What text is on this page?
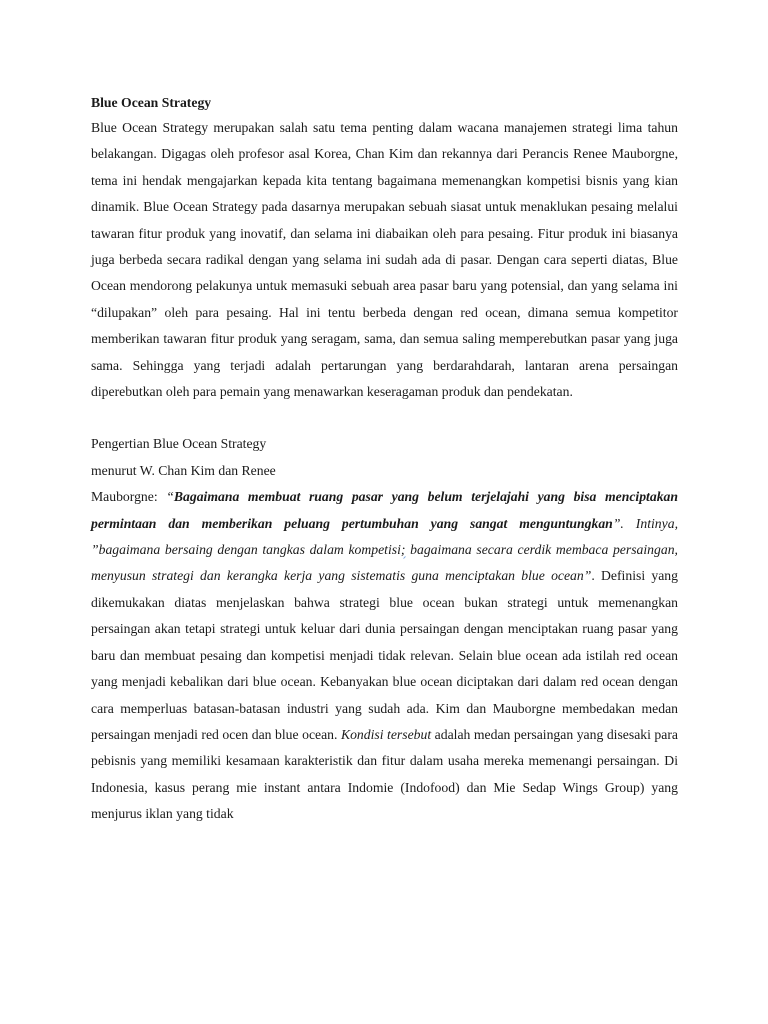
Blue Ocean Strategy

Blue Ocean Strategy merupakan salah satu tema penting dalam wacana manajemen strategi lima tahun belakangan. Digagas oleh profesor asal Korea, Chan Kim dan rekannya dari Perancis Renee Mauborgne, tema ini hendak mengajarkan kepada kita tentang bagaimana memenangkan kompetisi bisnis yang kian dinamik. Blue Ocean Strategy pada dasarnya merupakan sebuah siasat untuk menaklukan pesaing melalui tawaran fitur produk yang inovatif, dan selama ini diabaikan oleh para pesaing. Fitur produk ini biasanya juga berbeda secara radikal dengan yang selama ini sudah ada di pasar. Dengan cara seperti diatas, Blue Ocean mendorong pelakunya untuk memasuki sebuah area pasar baru yang potensial, dan yang selama ini “dilupakan” oleh para pesaing. Hal ini tentu berbeda dengan red ocean, dimana semua kompetitor memberikan tawaran fitur produk yang seragam, sama, dan semua saling memperebutkan pasar yang juga sama. Sehingga yang terjadi adalah pertarungan yang berdarahdarah, lantaran arena persaingan diperebutkan oleh para pemain yang menawarkan keseragaman produk dan pendekatan.

Pengertian Blue Ocean Strategy
menurut W. Chan Kim dan Renee

Mauborgne: “Bagaimana membuat ruang pasar yang belum terjelajahi yang bisa menciptakan permintaan dan memberikan peluang pertumbuhan yang sangat menguntungkan”. Intinya, ”bagaimana bersaing dengan tangkas dalam kompetisi; bagaimana secara cerdik membaca persaingan, menyusun strategi dan kerangka kerja yang sistematis guna menciptakan blue ocean”. Definisi yang dikemukakan diatas menjelaskan bahwa strategi blue ocean bukan strategi untuk memenangkan persaingan akan tetapi strategi untuk keluar dari dunia persaingan dengan menciptakan ruang pasar yang baru dan membuat pesaing dan kompetisi menjadi tidak relevan. Selain blue ocean ada istilah red ocean yang menjadi kebalikan dari blue ocean. Kebanyakan blue ocean diciptakan dari dalam red ocean dengan cara memperluas batasan-batasan industri yang sudah ada. Kim dan Mauborgne membedakan medan persaingan menjadi red ocen dan blue ocean. Kondisi tersebut adalah medan persaingan yang disesaki para pebisnis yang memiliki kesamaan karakteristik dan fitur dalam usaha mereka memenangi persaingan. Di Indonesia, kasus perang mie instant antara Indomie (Indofood) dan Mie Sedap Wings Group) yang menjurus iklan yang tidak
